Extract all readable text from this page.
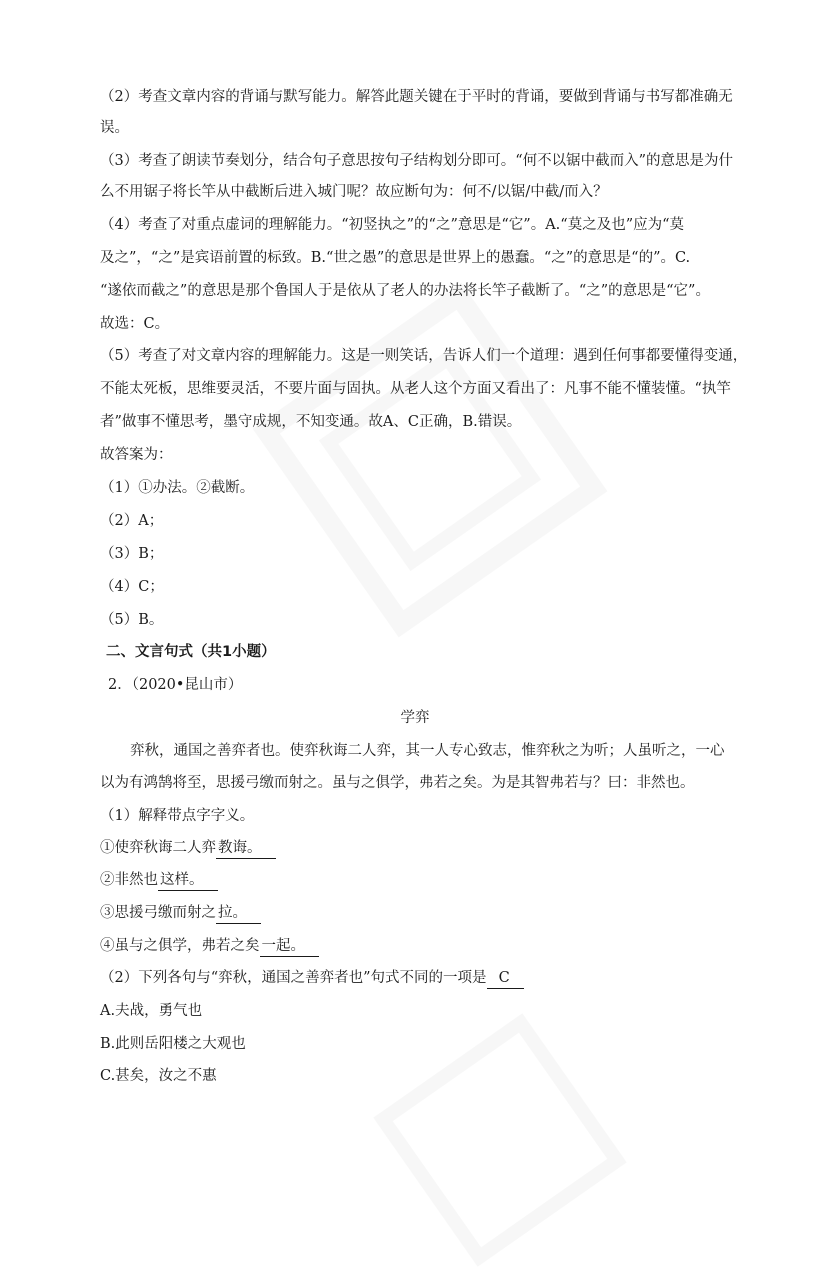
（2）考查文章内容的背诵与默写能力。解答此题关键在于平时的背诵，要做到背诵与书写都准确无
误。
（3）考查了朗读节奏划分，结合句子意思按句子结构划分即可。“何不以锯中截而入”的意思是为什
么不用锯子将长竿从中截断后进入城门呢？故应断句为：何不/以锯/中截/而入？
（4）考查了对重点虚词的理解能力。“初竖执之”的“之”意思是“它”。A.“莫之及也”应为“莫
及之”，“之”是宾语前置的标致。B.“世之愚”的意思是世界上的愚蠢。“之”的意思是“的”。C.
“遂依而截之”的意思是那个鲁国人于是依从了老人的办法将长竿子截断了。“之”的意思是“它”。
故选：C。
（5）考查了对文章内容的理解能力。这是一则笑话，告诉人们一个道理：遇到任何事都要懂得变通，
不能太死板，思维要灵活，不要片面与固执。从老人这个方面又看出了：凡事不能不懂装懂。“执竿
者”做事不懂思考，墨守成规，不知变通。故A、C正确，B.错误。
故答案为：
（1）①办法。②截断。
（2）A；
（3）B；
（4）C；
（5）B。
二、文言句式（共1小题）
2．（2020•昆山市）
学弈
弈秋，通国之善弈者也。使弈秋诲二人弈，其一人专心致志，惟弈秋之为听；人虽听之，一心
以为有鸿鹄将至，思援弓缴而射之。虽与之俱学，弗若之矣。为是其智弗若与？曰：非然也。
（1）解释带点字字义。
①使弈秋诲二人弈 教诲。
②非然也 这样。
③思援弓缴而射之 拉。
④虽与之俱学，弗若之矣 一起。
（2）下列各句与“弈秋，通国之善弈者也”句式不同的一项是 C
A.夫战，勇气也
B.此则岳阳楼之大观也
C.甚矣，汝之不惠
